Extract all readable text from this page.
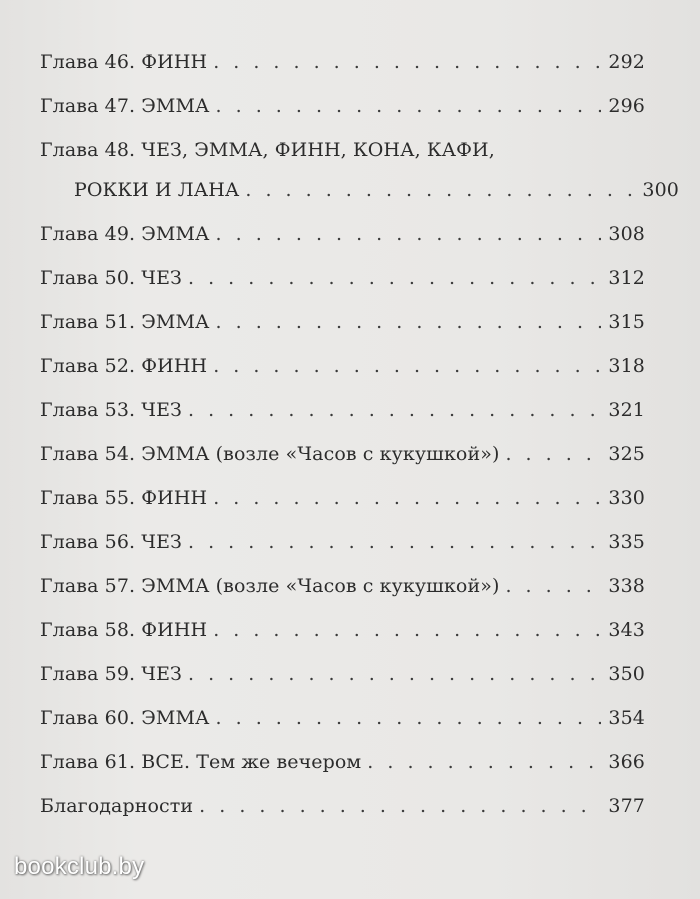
Глава 46. ФИНН . . .	292
Глава 47. ЭММА . . .	296
Глава 48. ЧЕЗ, ЭММА, ФИНН, КОНА, КАФИ,
РОККИ И ЛАНА . . .	300
Глава 49. ЭММА . . .	308
Глава 50. ЧЕЗ . . .	312
Глава 51. ЭММА . . .	315
Глава 52. ФИНН . . .	318
Глава 53. ЧЕЗ . . .	321
Глава 54. ЭММА (возле «Часов с кукушкой») . . .	325
Глава 55. ФИНН . . .	330
Глава 56. ЧЕЗ . . .	335
Глава 57. ЭММА (возле «Часов с кукушкой») . . .	338
Глава 58. ФИНН . . .	343
Глава 59. ЧЕЗ . . .	350
Глава 60. ЭММА . . .	354
Глава 61. ВСЕ. Тем же вечером . . .	366
Благодарности . . .	377
bookclub.by
